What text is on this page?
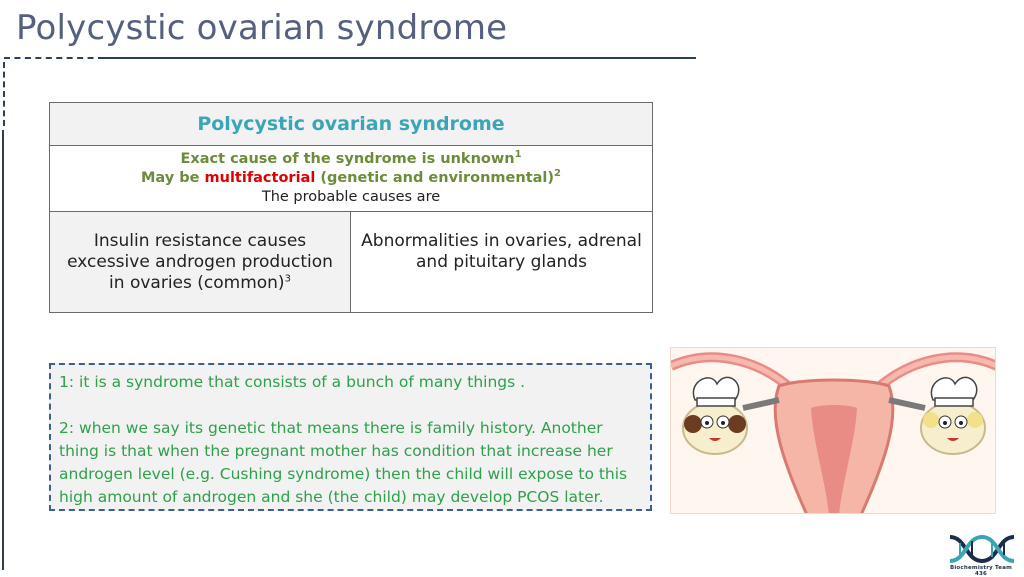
Polycystic ovarian syndrome
Polycystic ovarian syndrome

Exact cause of the syndrome is unknown$^1$
May be multifactorial (genetic and environmental)$^2$
The probable causes are

Insulin resistance causes excessive androgen production in ovaries (common)$^3$

Abnormalities in ovaries, adrenal and pituitary glands

1: it is a syndrome that consists of a bunch of many things .

2: when we say its genetic that means there is family history. Another thing is that when the pregnant mother has condition that increase her androgen level (e.g. Cushing syndrome) then the child will expose to this high amount of androgen and she (the child) may develop PCOS later.

Biochemistry Team 436
